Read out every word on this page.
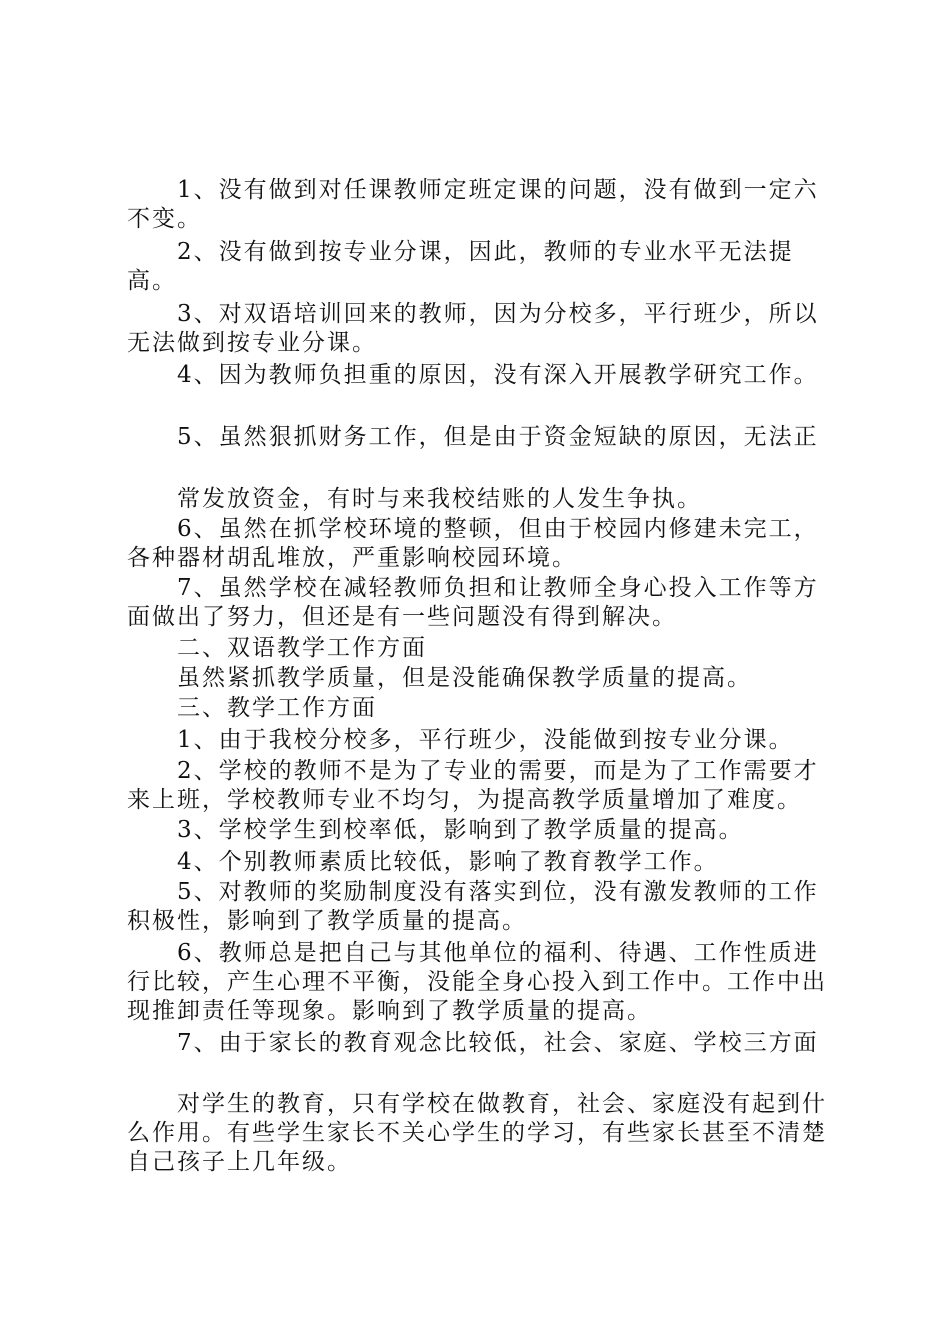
1、没有做到对任课教师定班定课的问题，没有做到一定六不变。

2、没有做到按专业分课，因此，教师的专业水平无法提高。

3、对双语培训回来的教师，因为分校多，平行班少，所以无法做到按专业分课。

4、因为教师负担重的原因，没有深入开展教学研究工作。

5、虽然狠抓财务工作，但是由于资金短缺的原因，无法正

常发放资金，有时与来我校结账的人发生争执。

6、虽然在抓学校环境的整顿，但由于校园内修建未完工，各种器材胡乱堆放，严重影响校园环境。

7、虽然学校在减轻教师负担和让教师全身心投入工作等方面做出了努力，但还是有一些问题没有得到解决。

二、双语教学工作方面

虽然紧抓教学质量，但是没能确保教学质量的提高。

三、教学工作方面

1、由于我校分校多，平行班少，没能做到按专业分课。

2、学校的教师不是为了专业的需要，而是为了工作需要才来上班，学校教师专业不均匀，为提高教学质量增加了难度。

3、学校学生到校率低，影响到了教学质量的提高。

4、个别教师素质比较低，影响了教育教学工作。

5、对教师的奖励制度没有落实到位，没有激发教师的工作积极性，影响到了教学质量的提高。

6、教师总是把自己与其他单位的福利、待遇、工作性质进行比较，产生心理不平衡，没能全身心投入到工作中。工作中出现推卸责任等现象。影响到了教学质量的提高。

7、由于家长的教育观念比较低，社会、家庭、学校三方面

对学生的教育，只有学校在做教育，社会、家庭没有起到什么作用。有些学生家长不关心学生的学习，有些家长甚至不清楚自己孩子上几年级。
